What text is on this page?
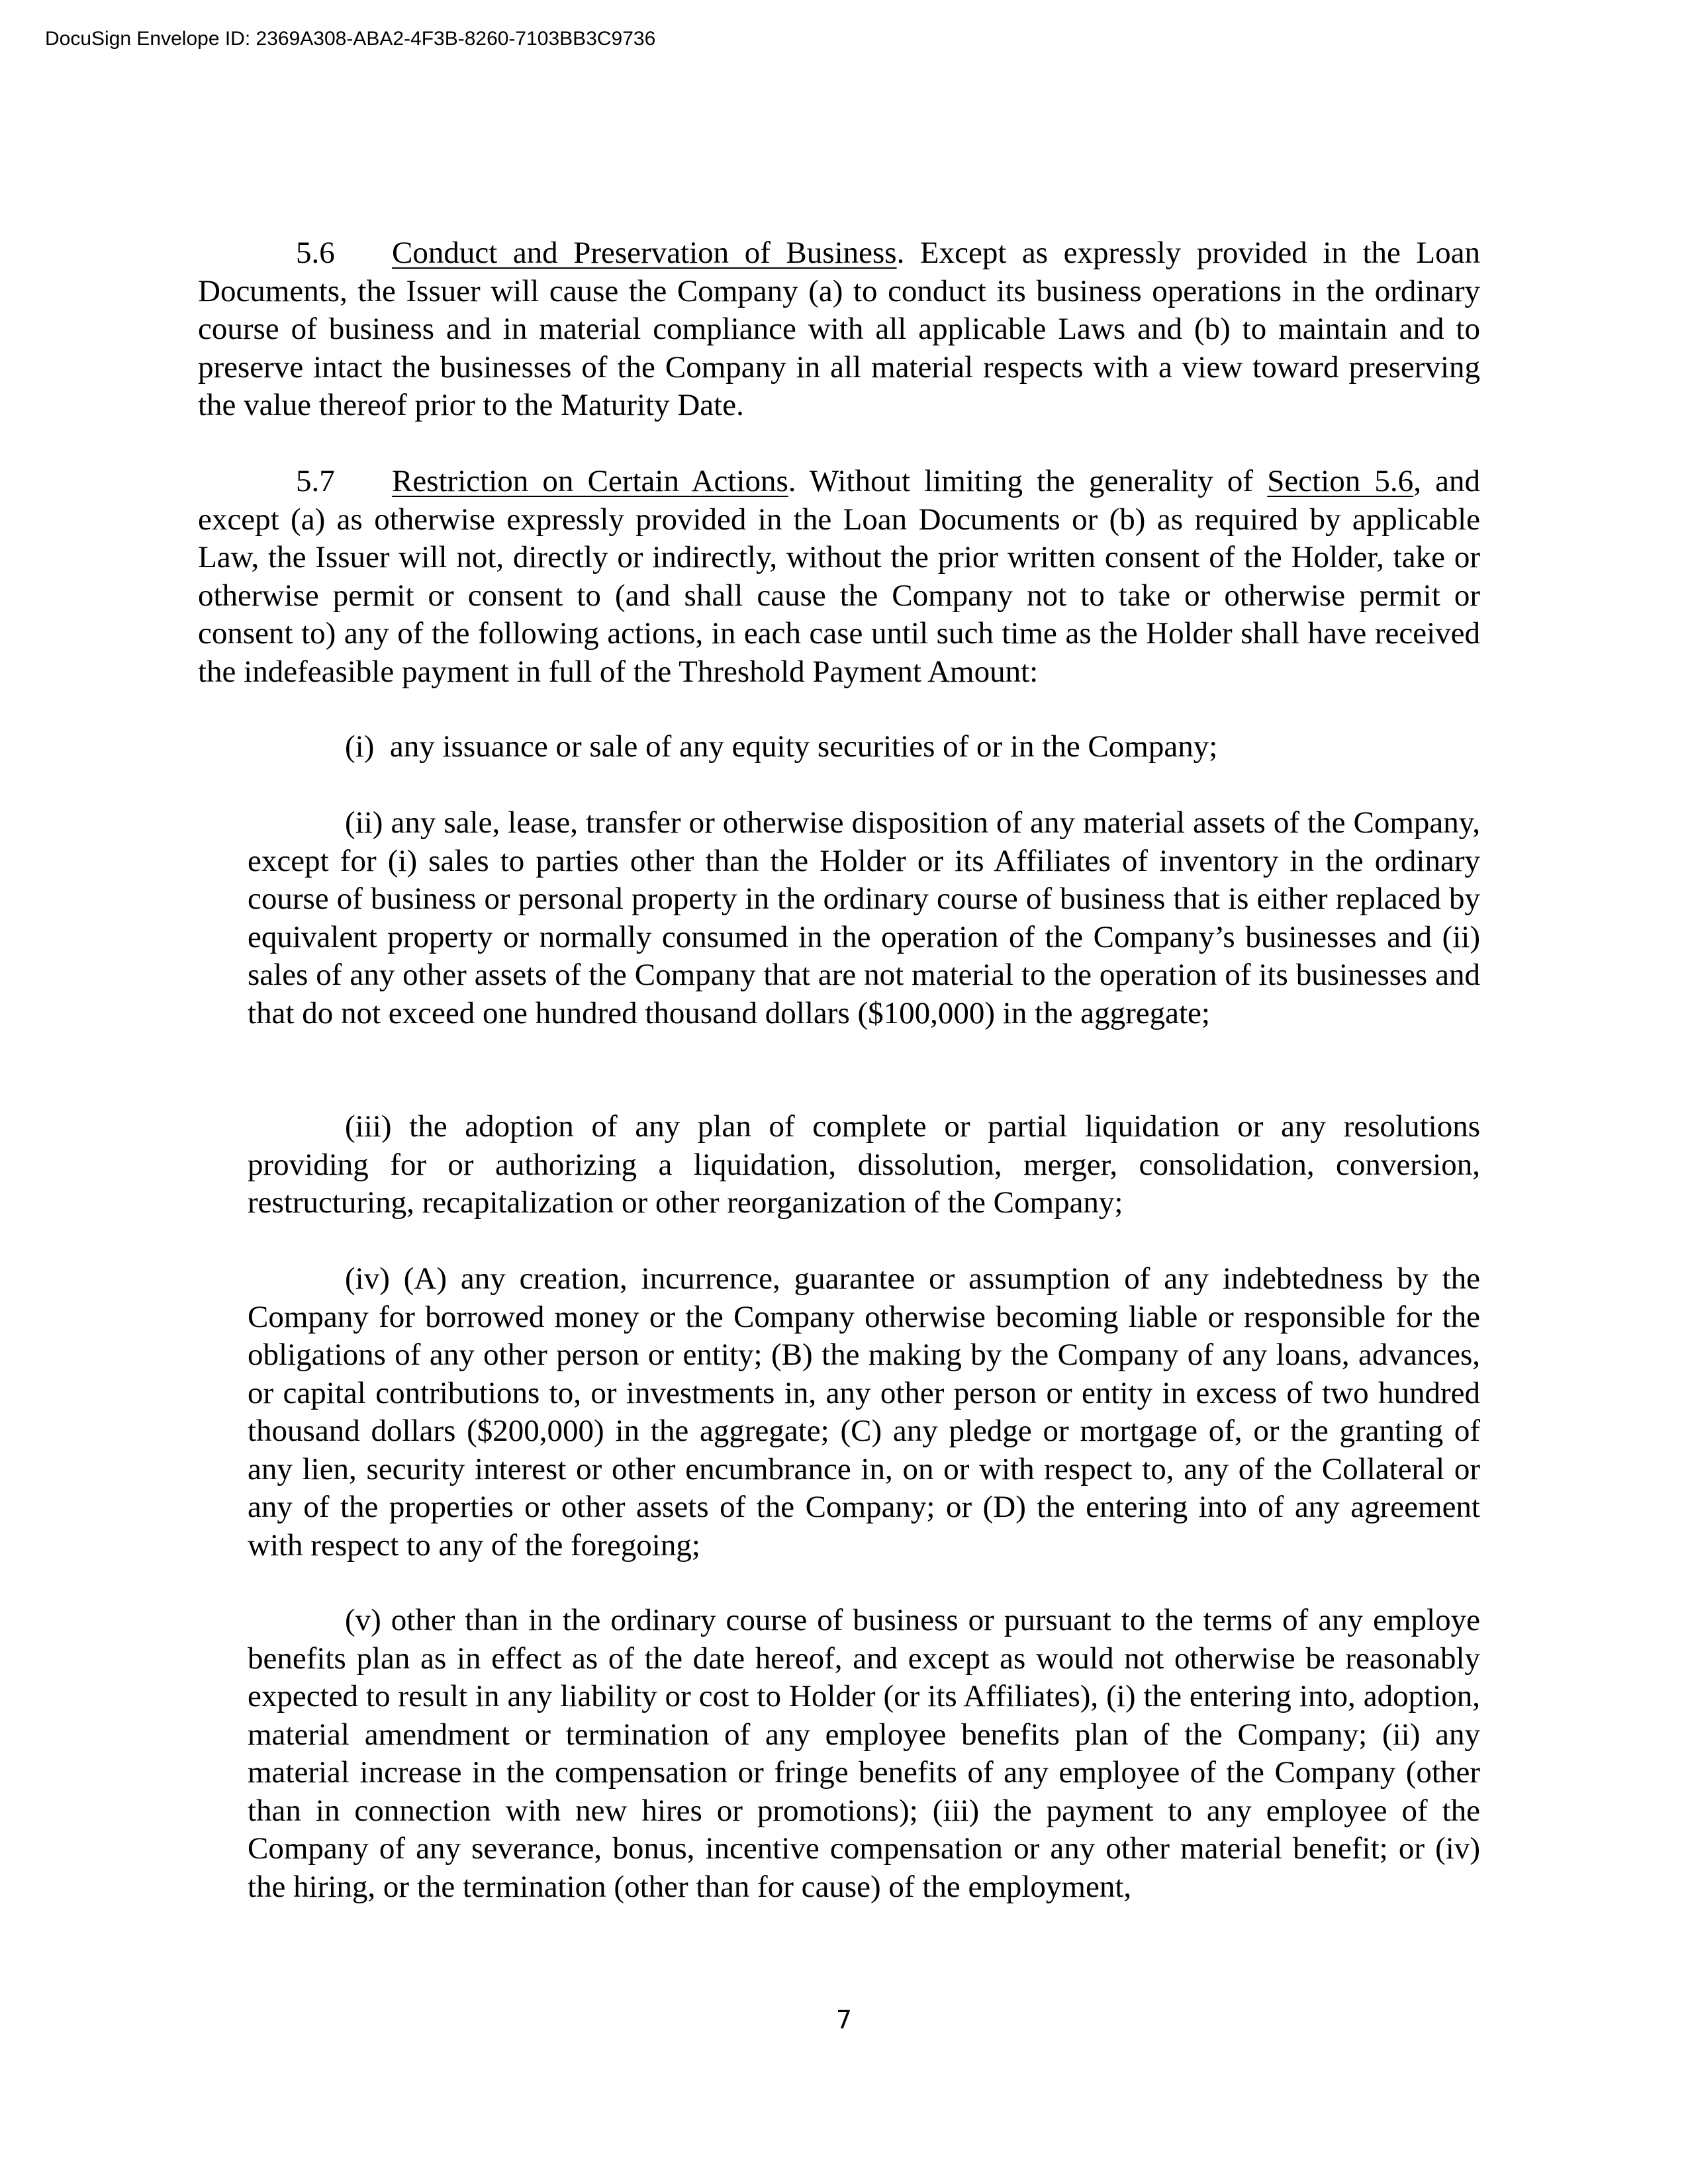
DocuSign Envelope ID: 2369A308-ABA2-4F3B-8260-7103BB3C9736

5.6 Conduct and Preservation of Business. Except as expressly provided in the Loan Documents, the Issuer will cause the Company (a) to conduct its business operations in the ordinary course of business and in material compliance with all applicable Laws and (b) to maintain and to preserve intact the businesses of the Company in all material respects with a view toward preserving the value thereof prior to the Maturity Date.

5.7 Restriction on Certain Actions. Without limiting the generality of Section 5.6, and except (a) as otherwise expressly provided in the Loan Documents or (b) as required by applicable Law, the Issuer will not, directly or indirectly, without the prior written consent of the Holder, take or otherwise permit or consent to (and shall cause the Company not to take or otherwise permit or consent to) any of the following actions, in each case until such time as the Holder shall have received the indefeasible payment in full of the Threshold Payment Amount:

(i)  any issuance or sale of any equity securities of or in the Company;

(ii) any sale, lease, transfer or otherwise disposition of any material assets of the Company, except for (i) sales to parties other than the Holder or its Affiliates of inventory in the ordinary course of business or personal property in the ordinary course of business that is either replaced by equivalent property or normally consumed in the operation of the Company’s businesses and (ii) sales of any other assets of the Company that are not material to the operation of its businesses and that do not exceed one hundred thousand dollars ($100,000) in the aggregate;

(iii) the adoption of any plan of complete or partial liquidation or any resolutions providing for or authorizing a liquidation, dissolution, merger, consolidation, conversion, restructuring, recapitalization or other reorganization of the Company;

(iv) (A) any creation, incurrence, guarantee or assumption of any indebtedness by the Company for borrowed money or the Company otherwise becoming liable or responsible for the obligations of any other person or entity; (B) the making by the Company of any loans, advances, or capital contributions to, or investments in, any other person or entity in excess of two hundred thousand dollars ($200,000) in the aggregate; (C) any pledge or mortgage of, or the granting of any lien, security interest or other encumbrance in, on or with respect to, any of the Collateral or any of the properties or other assets of the Company; or (D) the entering into of any agreement with respect to any of the foregoing;

(v) other than in the ordinary course of business or pursuant to the terms of any employe benefits plan as in effect as of the date hereof, and except as would not otherwise be reasonably expected to result in any liability or cost to Holder (or its Affiliates), (i) the entering into, adoption, material amendment or termination of any employee benefits plan of the Company; (ii) any material increase in the compensation or fringe benefits of any employee of the Company (other than in connection with new hires or promotions); (iii) the payment to any employee of the Company of any severance, bonus, incentive compensation or any other material benefit; or (iv) the hiring, or the termination (other than for cause) of the employment,

7
